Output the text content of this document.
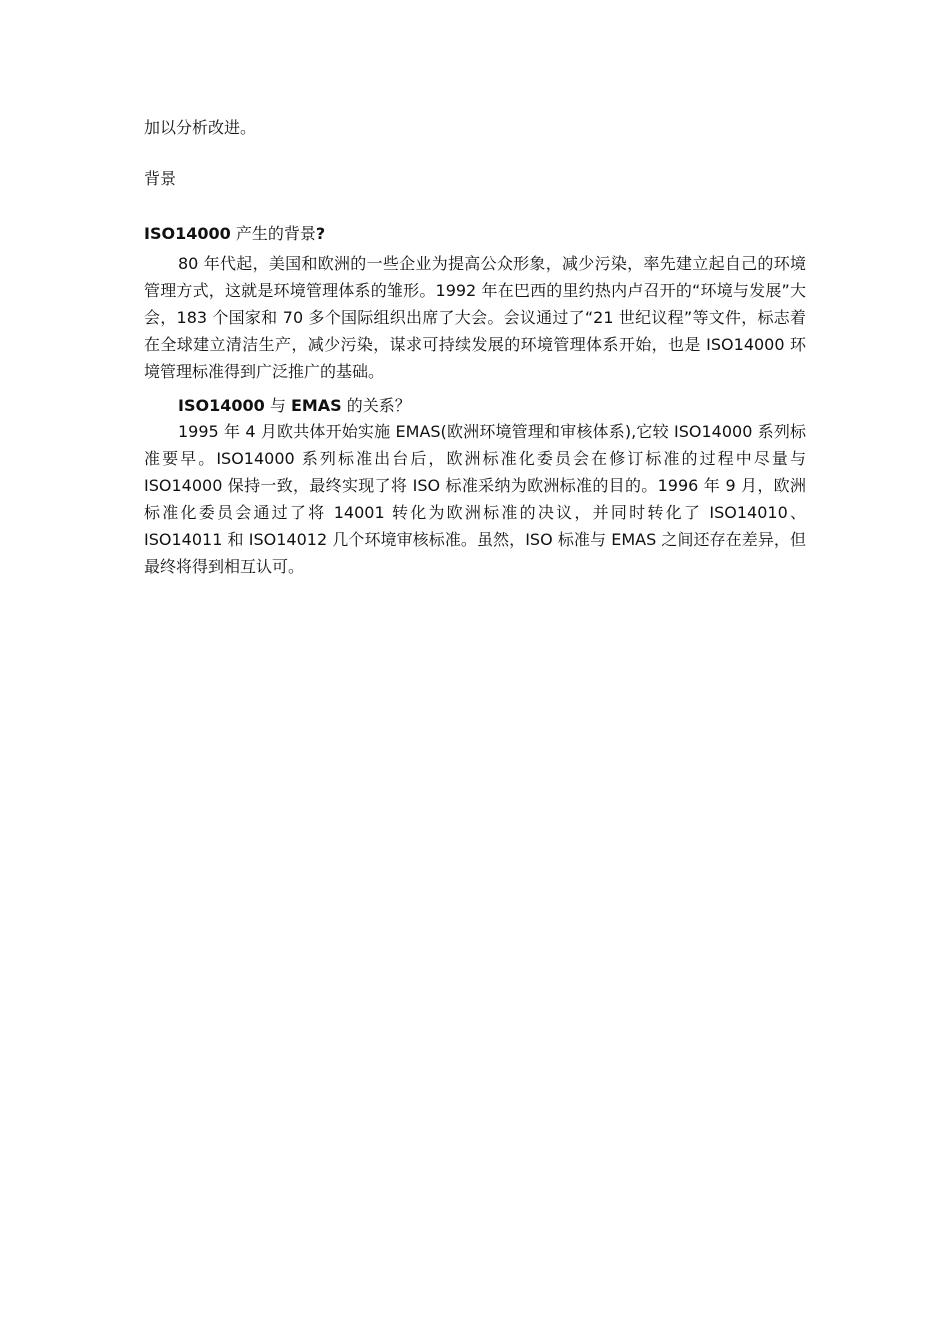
加以分析改进。

背景

ISO14000 产生的背景?

80 年代起，美国和欧洲的一些企业为提高公众形象，减少污染，率先建立起自己的环境管理方式，这就是环境管理体系的雏形。1992 年在巴西的里约热内卢召开的“环境与发展”大会，183 个国家和 70 多个国际组织出席了大会。会议通过了“21 世纪议程”等文件，标志着在全球建立清洁生产，减少污染，谋求可持续发展的环境管理体系开始，也是 ISO14000 环境管理标准得到广泛推广的基础。

ISO14000 与 EMAS 的关系？

1995 年 4 月欧共体开始实施 EMAS(欧洲环境管理和审核体系),它较 ISO14000 系列标准要早。ISO14000 系列标准出台后，欧洲标准化委员会在修订标准的过程中尽量与 ISO14000 保持一致，最终实现了将 ISO 标准采纳为欧洲标准的目的。1996 年 9 月，欧洲标准化委员会通过了将 14001 转化为欧洲标准的决议，并同时转化了 ISO14010、ISO14011 和 ISO14012 几个环境审核标准。虽然，ISO 标准与 EMAS 之间还存在差异，但最终将得到相互认可。
